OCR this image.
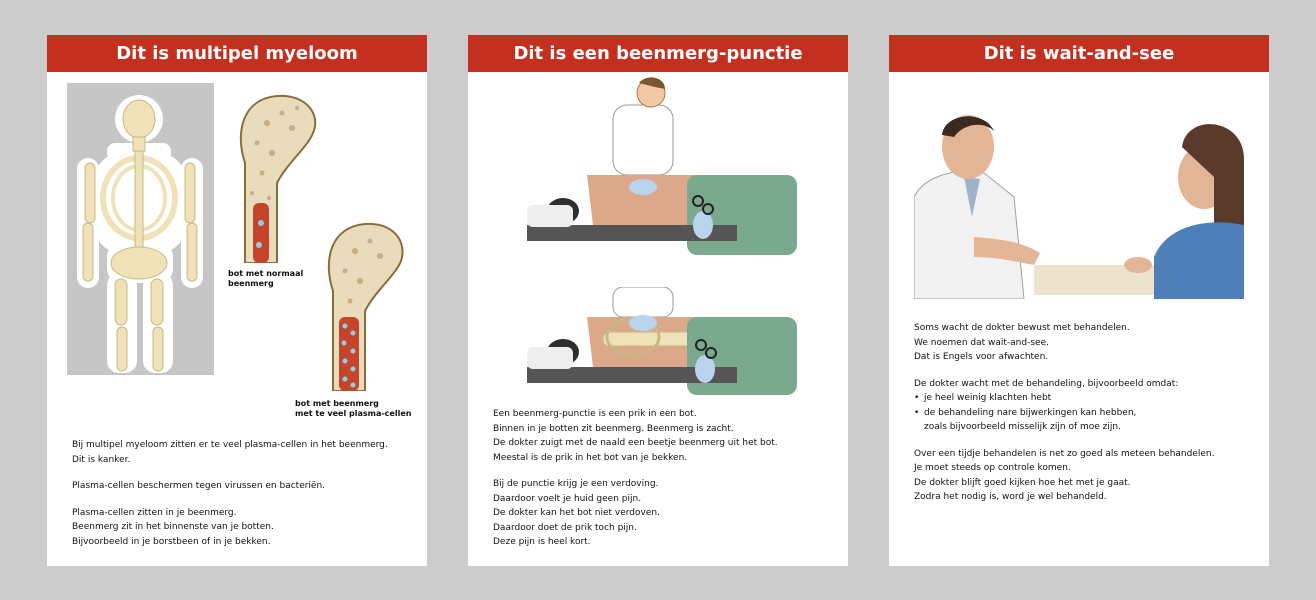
Dit is multipel myeloom
bot met normaal
beenmerg
bot met beenmerg
met te veel plasma-cellen

Bij multipel myeloom zitten er te veel plasma-cellen in het beenmerg.
Dit is kanker.

Plasma-cellen beschermen tegen virussen en bacteriën.

Plasma-cellen zitten in je beenmerg.
Beenmerg zit in het binnenste van je botten.
Bijvoorbeeld in je borstbeen of in je bekken.

Dit is een beenmerg-punctie

Een beenmerg-punctie is een prik in een bot.
Binnen in je botten zit beenmerg. Beenmerg is zacht.
De dokter zuigt met de naald een beetje beenmerg uit het bot.
Meestal is de prik in het bot van je bekken.

Bij de punctie krijg je een verdoving.
Daardoor voelt je huid geen pijn.
De dokter kan het bot niet verdoven.
Daardoor doet de prik toch pijn.
Deze pijn is heel kort.

Dit is wait-and-see

Soms wacht de dokter bewust met behandelen.
We noemen dat wait-and-see.
Dat is Engels voor afwachten.

De dokter wacht met de behandeling, bijvoorbeeld omdat:

• je heel weinig klachten hebt
• de behandeling nare bijwerkingen kan hebben,
zoals bijvoorbeeld misselijk zijn of moe zijn.

Over een tijdje behandelen is net zo goed als meteen behandelen.
Je moet steeds op controle komen.
De dokter blijft goed kijken hoe het met je gaat.
Zodra het nodig is, word je wel behandeld.
